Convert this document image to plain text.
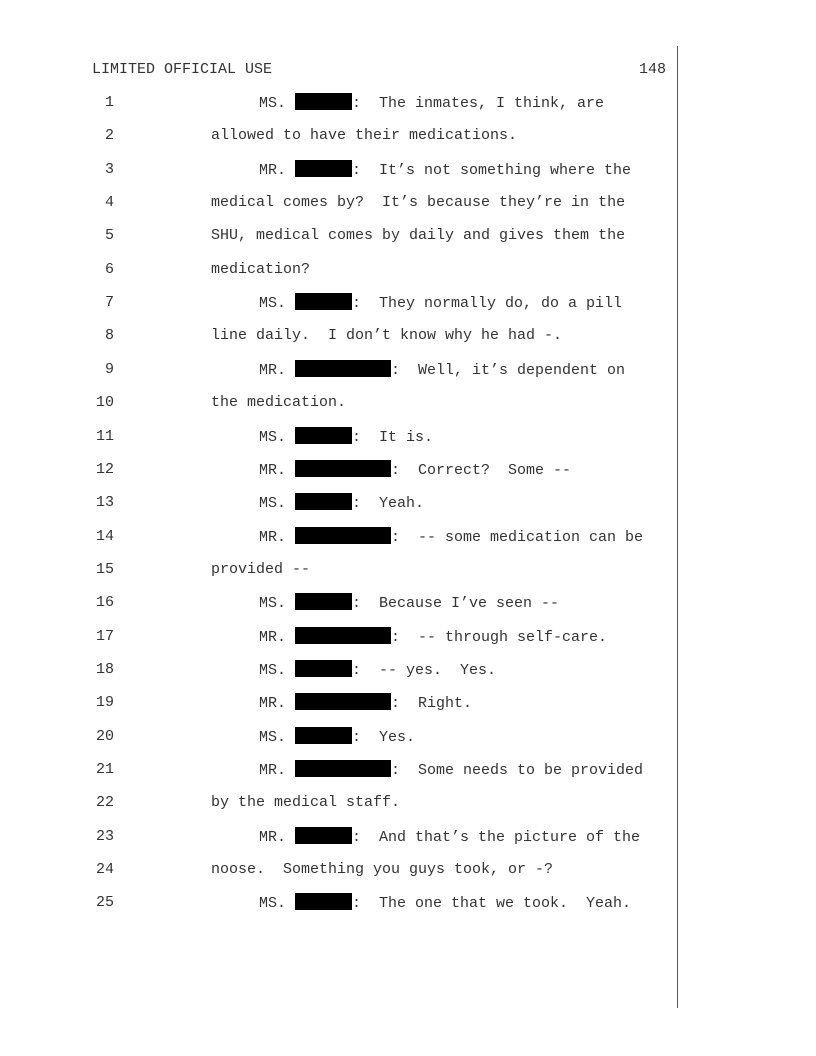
LIMITED OFFICIAL USE	148
1	MS.	:  The inmates, I think, are
2	allowed to have their medications.
3	MR.	:  It’s not something where the
4	medical comes by?  It’s because they’re in the
5	SHU, medical comes by daily and gives them the
6	medication?
7	MS.	:  They normally do, do a pill
8	line daily.  I don’t know why he had -.
9	MR.	:  Well, it’s dependent on
10	the medication.
11	MS.	:  It is.
12	MR.	:  Correct?  Some --
13	MS.	:  Yeah.
14	MR.	:  -- some medication can be
15	provided --
16	MS.	:  Because I’ve seen --
17	MR.	:  -- through self-care.
18	MS.	:  -- yes.  Yes.
19	MR.	:  Right.
20	MS.	:  Yes.
21	MR.	:  Some needs to be provided
22	by the medical staff.
23	MR.	:  And that’s the picture of the
24	noose.  Something you guys took, or -?
25	MS.	:  The one that we took.  Yeah.
